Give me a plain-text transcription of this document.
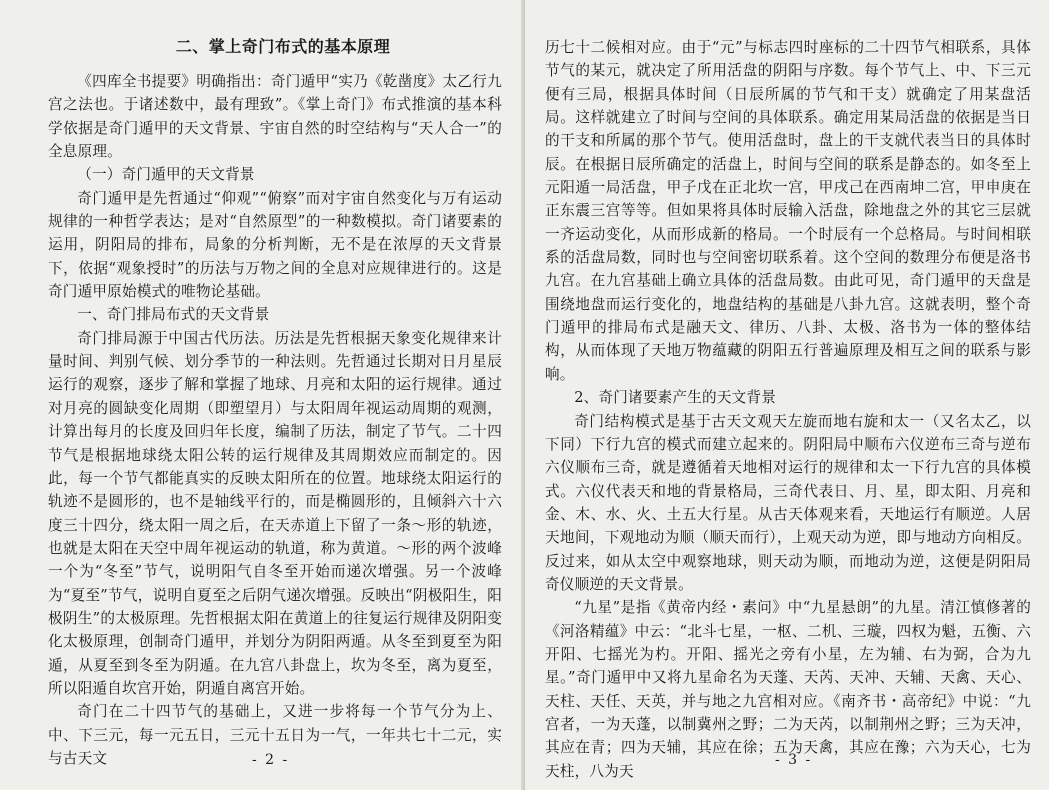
二、掌上奇门布式的基本原理

《四库全书提要》明确指出：奇门遁甲“实乃《乾凿度》太乙行九宫之法也。于诸述数中，最有理致”。《掌上奇门》布式推演的基本科学依据是奇门遁甲的天文背景、宇宙自然的时空结构与“天人合一”的全息原理。

（一）奇门遁甲的天文背景

奇门遁甲是先哲通过“仰观”“俯察”而对宇宙自然变化与万有运动规律的一种哲学表达；是对“自然原型”的一种数模拟。奇门诸要素的运用，阴阳局的排布，局象的分析判断，无不是在浓厚的天文背景下，依据“观象授时”的历法与万物之间的全息对应规律进行的。这是奇门遁甲原始模式的唯物论基础。

一、奇门排局布式的天文背景

奇门排局源于中国古代历法。历法是先哲根据天象变化规律来计量时间、判别气候、划分季节的一种法则。先哲通过长期对日月星辰运行的观察，逐步了解和掌握了地球、月亮和太阳的运行规律。通过对月亮的圆缺变化周期（即塑望月）与太阳周年视运动周期的观测，计算出每月的长度及回归年长度，编制了历法，制定了节气。二十四节气是根据地球绕太阳公转的运行规律及其周期效应而制定的。因此，每一个节气都能真实的反映太阳所在的位置。地球绕太阳运行的轨迹不是圆形的，也不是轴线平行的，而是椭圆形的，且倾斜六十六度三十四分，绕太阳一周之后，在天赤道上下留了一条～形的轨迹，也就是太阳在天空中周年视运动的轨道，称为黄道。～形的两个波峰一个为“冬至”节气，说明阳气自冬至开始而递次增强。另一个波峰为“夏至”节气，说明自夏至之后阴气递次增强。反映出“阴极阳生，阳极阴生”的太极原理。先哲根据太阳在黄道上的往复运行规律及阴阳变化太极原理，创制奇门遁甲，并划分为阴阳两遁。从冬至到夏至为阳遁，从夏至到冬至为阴遁。在九宫八卦盘上，坎为冬至，离为夏至，所以阳遁自坎宫开始，阴遁自离宫开始。

奇门在二十四节气的基础上，又进一步将每一个节气分为上、中、下三元，每一元五日，三元十五日为一气，一年共七十二元，实与古天文	- 2 -

历七十二候相对应。由于“元”与标志四时座标的二十四节气相联系，具体节气的某元，就决定了所用活盘的阴阳与序数。每个节气上、中、下三元便有三局，根据具体时间（日辰所属的节气和干支）就确定了用某盘活局。这样就建立了时间与空间的具体联系。确定用某局活盘的依据是当日的干支和所属的那个节气。使用活盘时，盘上的干支就代表当日的具体时辰。在根据日辰所确定的活盘上，时间与空间的联系是静态的。如冬至上元阳遁一局活盘，甲子戊在正北坎一宫，甲戌己在西南坤二宫，甲申庚在正东震三宫等等。但如果将具体时辰输入活盘，除地盘之外的其它三层就一齐运动变化，从而形成新的格局。一个时辰有一个总格局。与时间相联系的活盘局数，同时也与空间密切联系着。这个空间的数理分布便是洛书九宫。在九宫基础上确立具体的活盘局数。由此可见，奇门遁甲的天盘是围绕地盘而运行变化的，地盘结构的基础是八卦九宫。这就表明，整个奇门遁甲的排局布式是融天文、律历、八卦、太极、洛书为一体的整体结构，从而体现了天地万物蕴藏的阴阳五行普遍原理及相互之间的联系与影响。

2、奇门诸要素产生的天文背景

奇门结构模式是基于古天文观天左旋而地右旋和太一（又名太乙，以下同）下行九宫的模式而建立起来的。阴阳局中顺布六仪逆布三奇与逆布六仪顺布三奇，就是遵循着天地相对运行的规律和太一下行九宫的具体模式。六仪代表天和地的背景格局，三奇代表日、月、星，即太阳、月亮和金、木、水、火、土五大行星。从古天体观来看，天地运行有顺逆。人居天地间，下观地动为顺（顺天而行），上观天动为逆，即与地动方向相反。反过来，如从太空中观察地球，则天动为顺，而地动为逆，这便是阴阳局奇仪顺逆的天文背景。

“九星”是指《黄帝内经・素问》中“九星悬朗”的九星。清江慎修著的《河洛精蕴》中云：“北斗七星，一枢、二机、三璇，四权为魁，五衡、六开阳、七摇光为杓。开阳、摇光之旁有小星，左为辅、右为弼，合为九星。”奇门遁甲中又将九星命名为天蓬、天芮、天冲、天辅、天禽、天心、天柱、天任、天英，并与地之九宫相对应。《南齐书・高帝纪》中说：“九宫者，一为天蓬，以制冀州之野；二为天芮，以制荆州之野；三为天冲，其应在青；四为天辅，其应在徐；五为天禽，其应在豫；六为天心，七为天柱，八为天

- 3 -
